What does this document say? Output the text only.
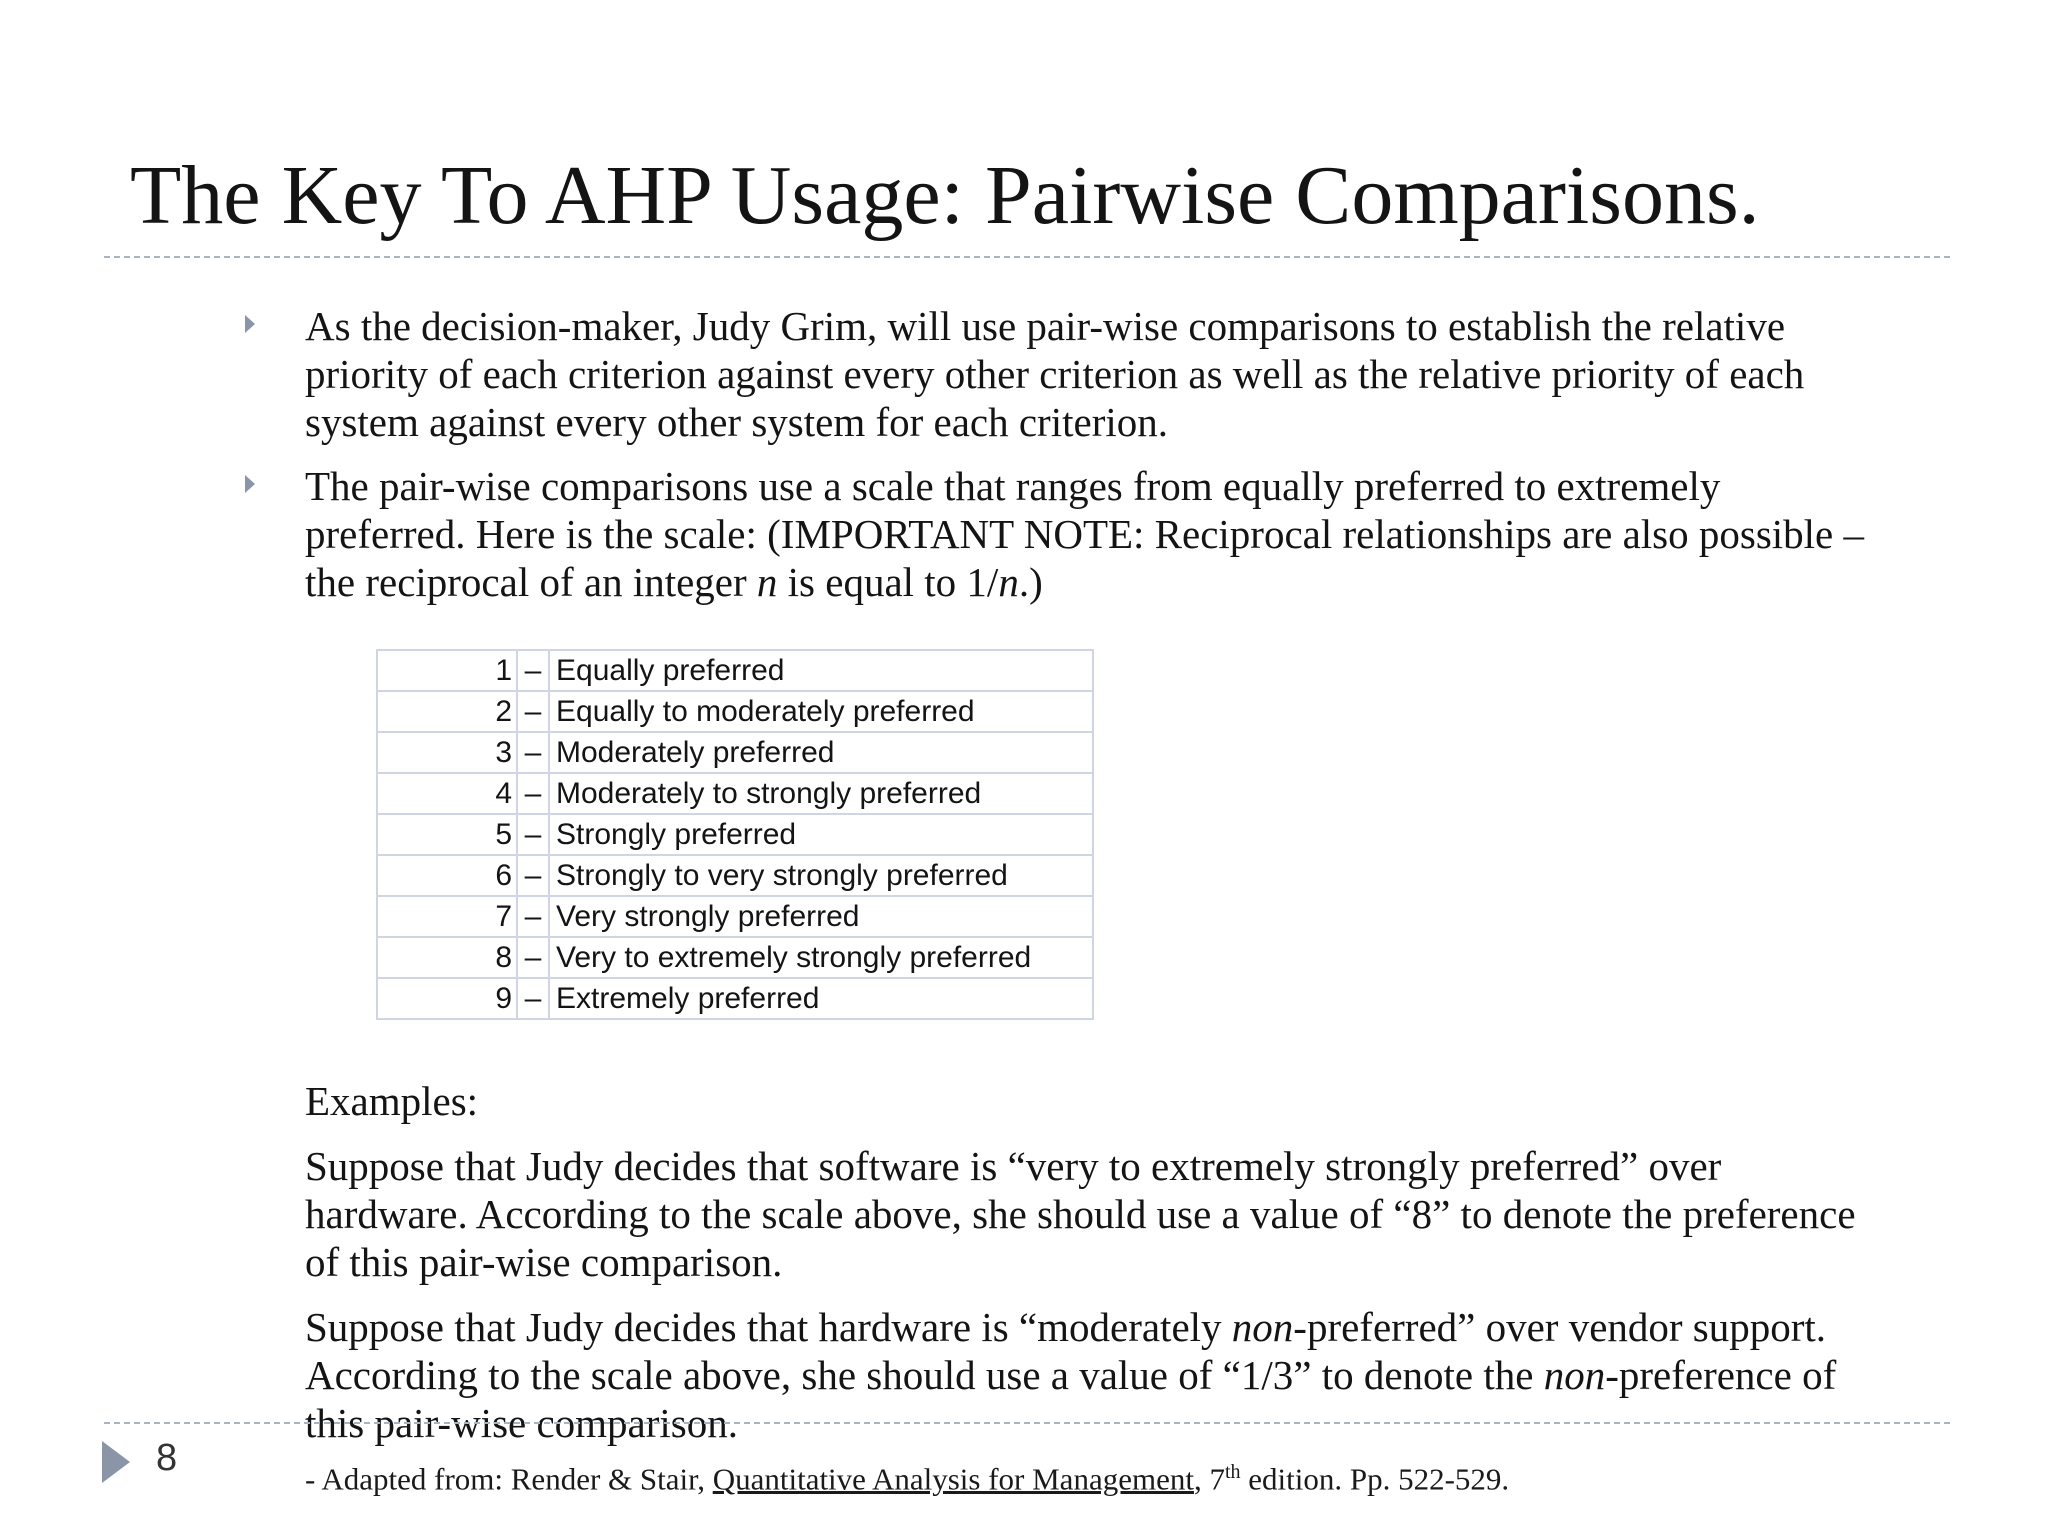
The Key To AHP Usage: Pairwise Comparisons.
As the decision-maker, Judy Grim, will use pair-wise comparisons to establish the relative priority of each criterion against every other criterion as well as the relative priority of each system against every other system for each criterion.
The pair-wise comparisons use a scale that ranges from equally preferred to extremely preferred. Here is the scale: (IMPORTANT NOTE: Reciprocal relationships are also possible – the reciprocal of an integer n is equal to 1/n.)
1	–	Equally preferred
2	–	Equally to moderately preferred
3	–	Moderately preferred
4	–	Moderately to strongly preferred
5	–	Strongly preferred
6	–	Strongly to very strongly preferred
7	–	Very strongly preferred
8	–	Very to extremely strongly preferred
9	–	Extremely preferred
Examples:
Suppose that Judy decides that software is “very to extremely strongly preferred” over hardware. According to the scale above, she should use a value of “8” to denote the preference of this pair-wise comparison.
Suppose that Judy decides that hardware is “moderately non-preferred” over vendor support. According to the scale above, she should use a value of “1/3” to denote the non-preference of this pair-wise comparison.
8	- Adapted from: Render & Stair, Quantitative Analysis for Management, 7th edition. Pp. 522-529.
